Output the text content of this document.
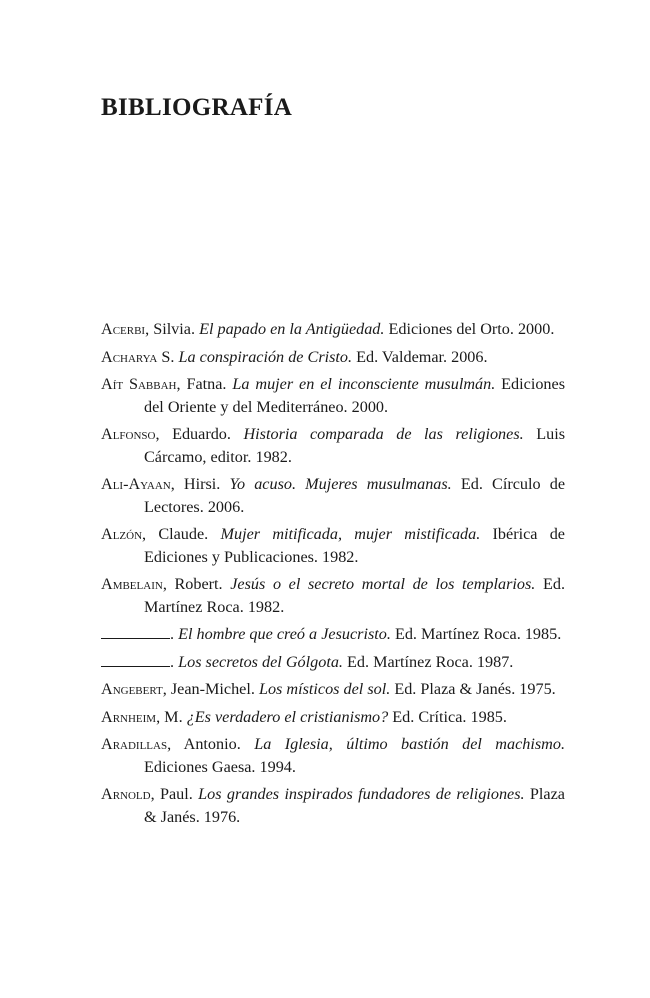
BIBLIOGRAFÍA
Acerbi, Silvia. El papado en la Antigüedad. Ediciones del Orto. 2000.
Acharya S. La conspiración de Cristo. Ed. Valdemar. 2006.
Aít Sabbah, Fatna. La mujer en el inconsciente musulmán. Ediciones del Oriente y del Mediterráneo. 2000.
Alfonso, Eduardo. Historia comparada de las religiones. Luis Cárcamo, editor. 1982.
Ali-Ayaan, Hirsi. Yo acuso. Mujeres musulmanas. Ed. Círculo de Lectores. 2006.
Alzón, Claude. Mujer mitificada, mujer mistificada. Ibérica de Ediciones y Publicaciones. 1982.
Ambelain, Robert. Jesús o el secreto mortal de los templarios. Ed. Martínez Roca. 1982.
. El hombre que creó a Jesucristo. Ed. Martínez Roca. 1985.
. Los secretos del Gólgota. Ed. Martínez Roca. 1987.
Angebert, Jean-Michel. Los místicos del sol. Ed. Plaza & Janés. 1975.
Arnheim, M. ¿Es verdadero el cristianismo? Ed. Crítica. 1985.
Aradillas, Antonio. La Iglesia, último bastión del machismo. Ediciones Gaesa. 1994.
Arnold, Paul. Los grandes inspirados fundadores de religiones. Plaza & Janés. 1976.
